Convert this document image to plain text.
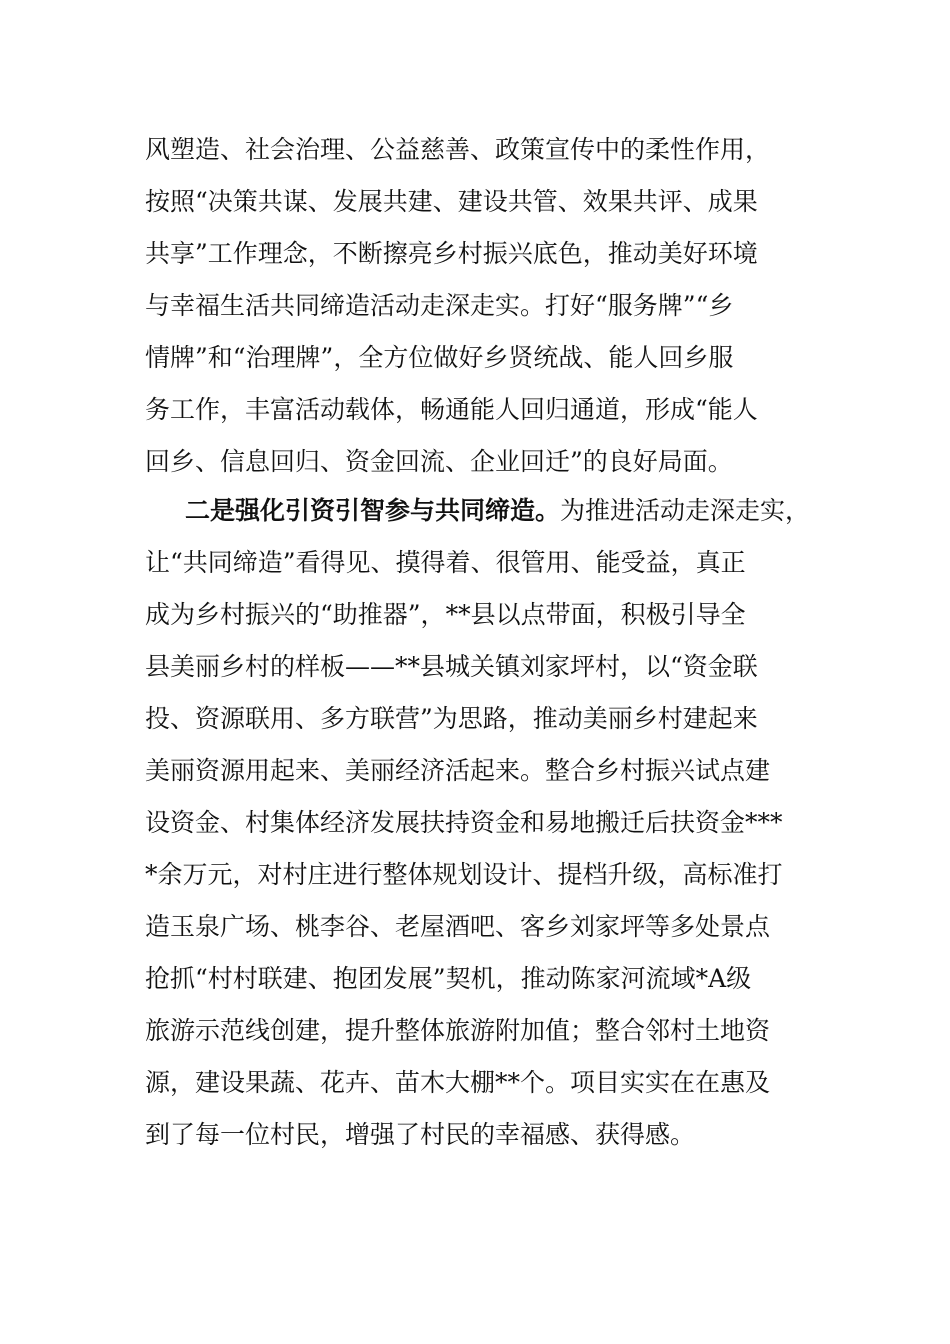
风塑造、社会治理、公益慈善、政策宣传中的柔性作用，
按照“决策共谋、发展共建、建设共管、效果共评、成果
共享”工作理念，不断擦亮乡村振兴底色，推动美好环境
与幸福生活共同缔造活动走深走实。打好“服务牌”“乡
情牌”和“治理牌”，全方位做好乡贤统战、能人回乡服
务工作，丰富活动载体，畅通能人回归通道，形成“能人
回乡、信息回归、资金回流、企业回迁”的良好局面。
二是强化引资引智参与共同缔造。为推进活动走深走实，
让“共同缔造”看得见、摸得着、很管用、能受益，真正
成为乡村振兴的“助推器”，**县以点带面，积极引导全
县美丽乡村的样板——**县城关镇刘家坪村，以“资金联
投、资源联用、多方联营”为思路，推动美丽乡村建起来
美丽资源用起来、美丽经济活起来。整合乡村振兴试点建
设资金、村集体经济发展扶持资金和易地搬迁后扶资金***
*余万元，对村庄进行整体规划设计、提档升级，高标准打
造玉泉广场、桃李谷、老屋酒吧、客乡刘家坪等多处景点
抢抓“村村联建、抱团发展”契机，推动陈家河流域*A级
旅游示范线创建，提升整体旅游附加值；整合邻村土地资
源，建设果蔬、花卉、苗木大棚**个。项目实实在在惠及
到了每一位村民，增强了村民的幸福感、获得感。
